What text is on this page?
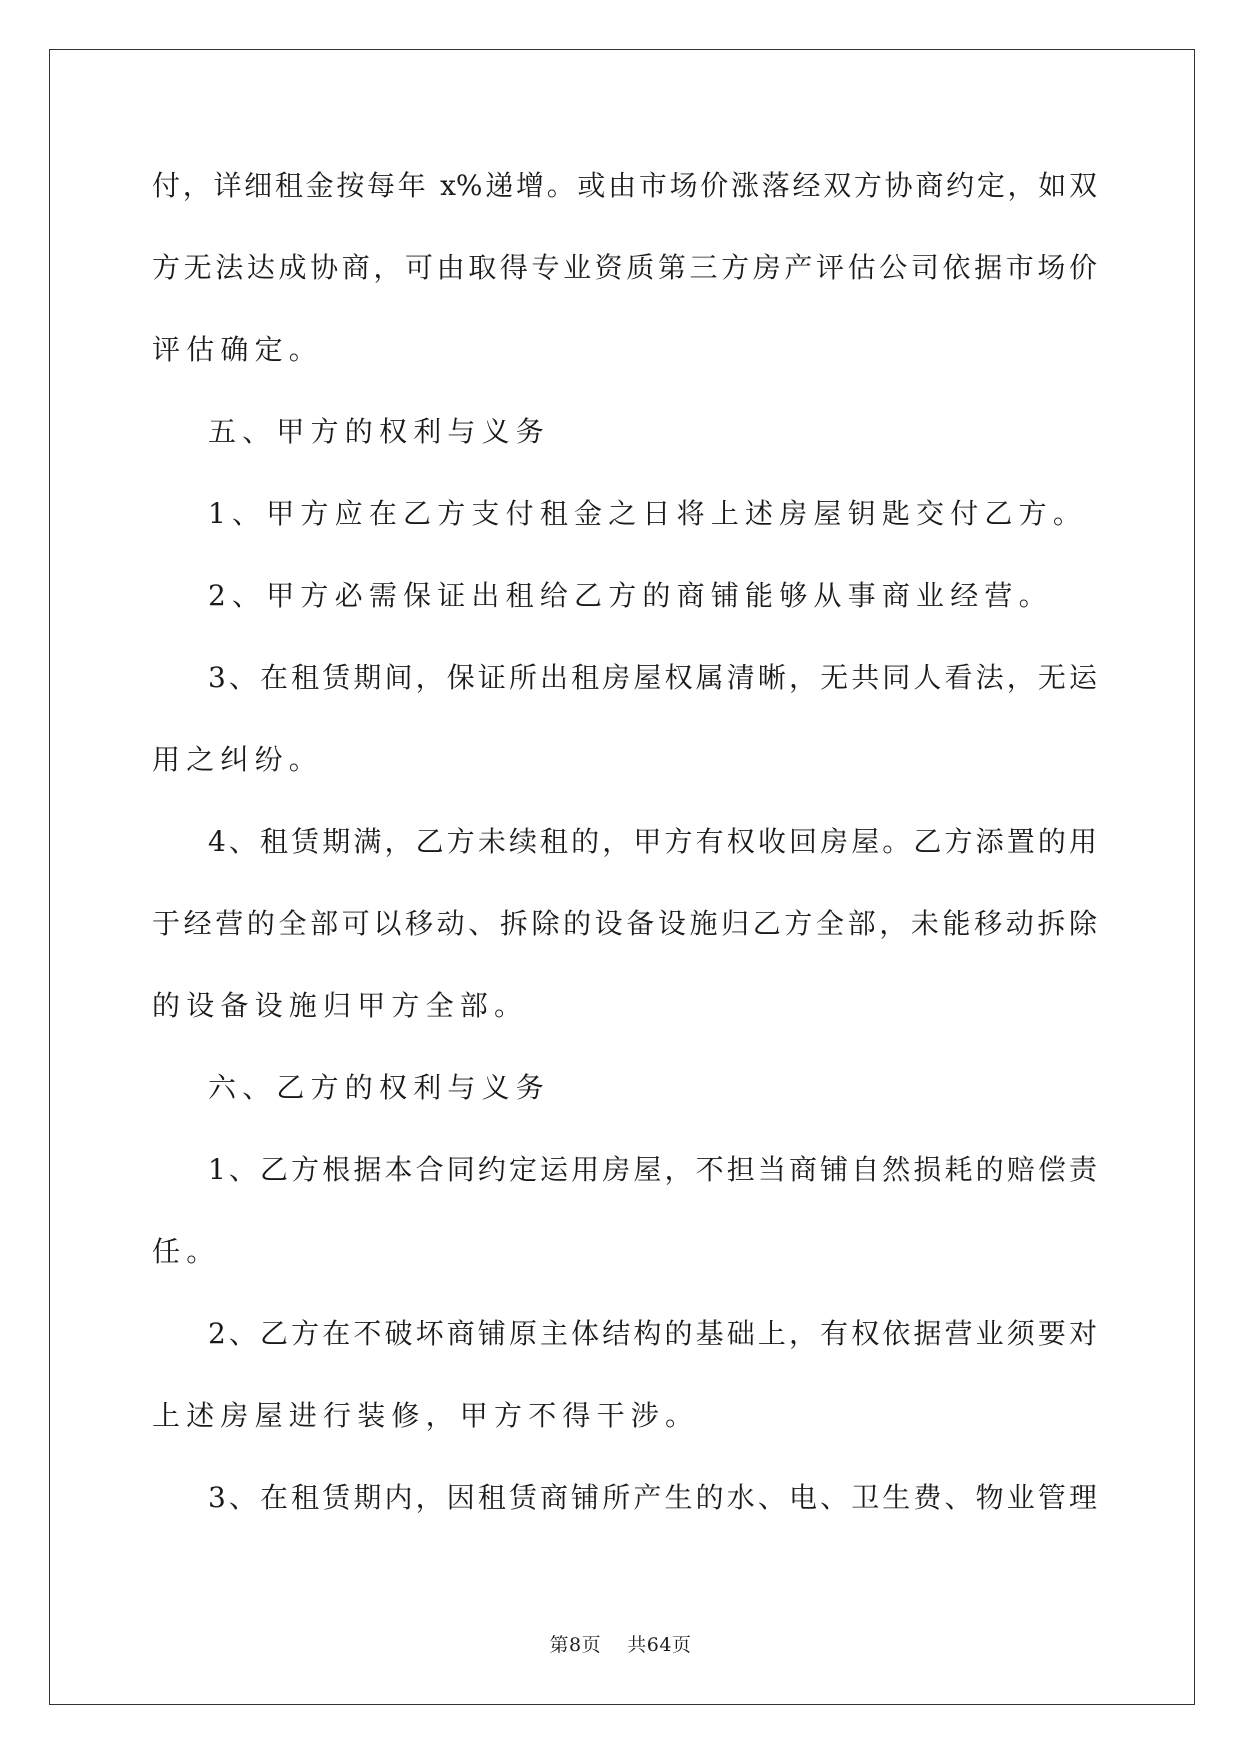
付，详细租金按每年 x%递增。或由市场价涨落经双方协商约定，如双
方无法达成协商，可由取得专业资质第三方房产评估公司依据市场价
评估确定。
五、甲方的权利与义务
1、甲方应在乙方支付租金之日将上述房屋钥匙交付乙方。
2、甲方必需保证出租给乙方的商铺能够从事商业经营。
3、在租赁期间，保证所出租房屋权属清晰，无共同人看法，无运
用之纠纷。
4、租赁期满，乙方未续租的，甲方有权收回房屋。乙方添置的用
于经营的全部可以移动、拆除的设备设施归乙方全部，未能移动拆除
的设备设施归甲方全部。
六、乙方的权利与义务
1、乙方根据本合同约定运用房屋，不担当商铺自然损耗的赔偿责
任。
2、乙方在不破坏商铺原主体结构的基础上，有权依据营业须要对
上述房屋进行装修，甲方不得干涉。
3、在租赁期内，因租赁商铺所产生的水、电、卫生费、物业管理
第8页 共64页
